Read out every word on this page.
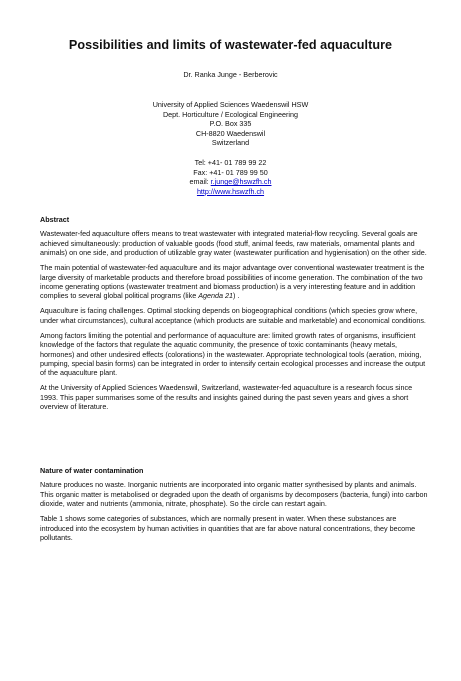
Possibilities and limits of wastewater-fed aquaculture
Dr. Ranka Junge - Berberovic
University of Applied Sciences Waedenswil HSW
Dept. Horticulture / Ecological Engineering
P.O. Box 335
CH-8820 Waedenswil
Switzerland
Tel: +41- 01 789 99 22
Fax: +41- 01 789 99 50
email: r.junge@hswzfh.ch
http://www.hswzfh.ch
Abstract

Wastewater-fed aquaculture offers means to treat wastewater with integrated material-flow recycling. Several goals are achieved simultaneously: production of valuable goods (food stuff, animal feeds, raw materials, ornamental plants and animals) on one side, and production of utilizable gray water (wastewater purification and hygienisation) on the other side.

The main potential of wastewater-fed aquaculture and its major advantage over conventional wastewater treatment is the large diversity of marketable products and therefore broad possibilities of income generation. The combination of the two income generating options (wastewater treatment and biomass production) is a very interesting feature and in addition complies to several global political programs (like Agenda 21) .

Aquaculture is facing challenges. Optimal stocking depends on biogeographical conditions (which species grow where, under what circumstances), cultural acceptance (which products are suitable and marketable) and economical conditions.

Among factors limiting the potential and performance of aquaculture are: limited growth rates of organisms, insufficient knowledge of the factors that regulate the aquatic community, the presence of toxic contaminants (heavy metals, hormones) and other undesired effects (colorations) in the wastewater. Appropriate technological tools (aeration, mixing, pumping, special basin forms) can be integrated in order to intensify certain ecological processes and increase the output of the aquaculture plant.

At the University of Applied Sciences Waedenswil, Switzerland, wastewater-fed aquaculture is a research focus since 1993. This paper summarises some of the results and insights gained during the past seven years and gives a short overview of literature.

Nature of water contamination

Nature produces no waste. Inorganic nutrients are incorporated into organic matter synthesised by plants and animals. This organic matter is metabolised or degraded upon the death of organisms by decomposers (bacteria, fungi) into carbon dioxide, water and nutrients (ammonia, nitrate, phosphate). So the circle can restart again.

Table 1 shows some categories of substances, which are normally present in water. When these substances are introduced into the ecosystem by human activities in quantities that are far above natural concentrations, they become pollutants.
